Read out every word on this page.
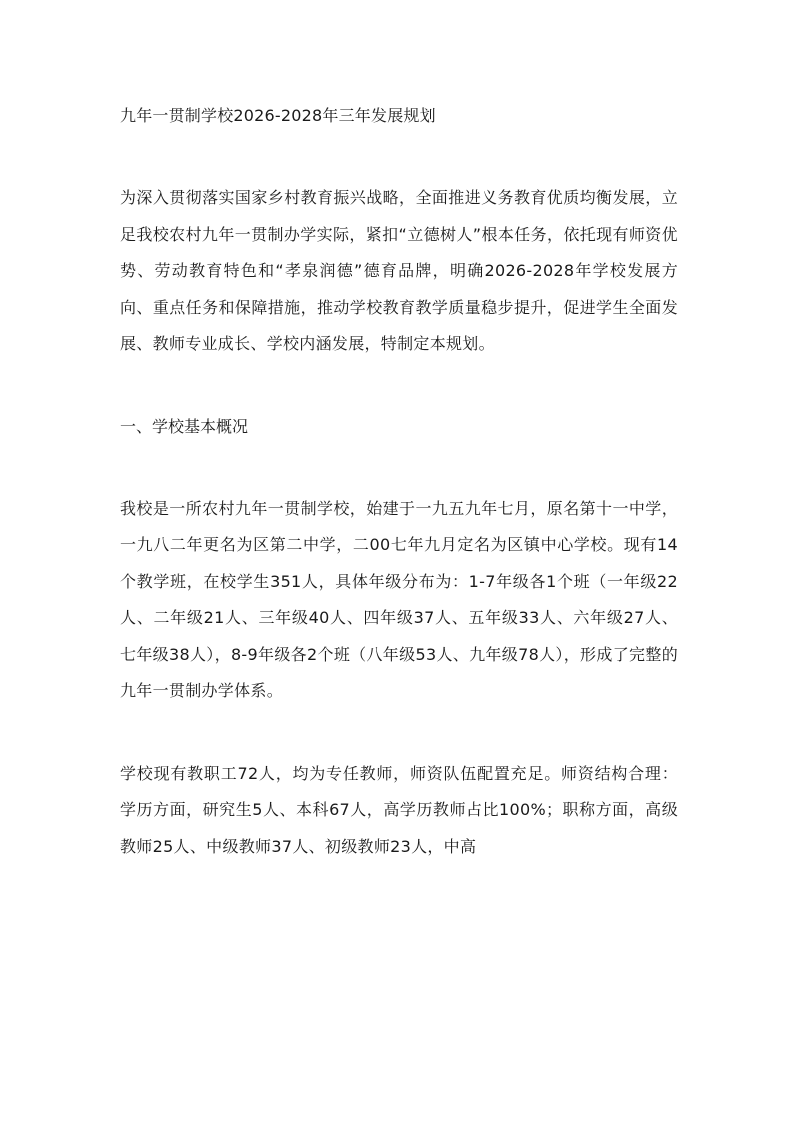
九年一贯制学校2026-2028年三年发展规划

为深入贯彻落实国家乡村教育振兴战略，全面推进义务教育优质均衡发展，立足我校农村九年一贯制办学实际，紧扣“立德树人”根本任务，依托现有师资优势、劳动教育特色和“孝泉润德”德育品牌，明确2026-2028年学校发展方向、重点任务和保障措施，推动学校教育教学质量稳步提升，促进学生全面发展、教师专业成长、学校内涵发展，特制定本规划。

一、学校基本概况

我校是一所农村九年一贯制学校，始建于一九五九年七月，原名第十一中学，一九八二年更名为区第二中学，二00七年九月定名为区镇中心学校。现有14个教学班，在校学生351人，具体年级分布为：1-7年级各1个班（一年级22人、二年级21人、三年级40人、四年级37人、五年级33人、六年级27人、七年级38人），8-9年级各2个班（八年级53人、九年级78人），形成了完整的九年一贯制办学体系。

学校现有教职工72人，均为专任教师，师资队伍配置充足。师资结构合理：学历方面，研究生5人、本科67人，高学历教师占比100%；职称方面，高级教师25人、中级教师37人、初级教师23人，中高
